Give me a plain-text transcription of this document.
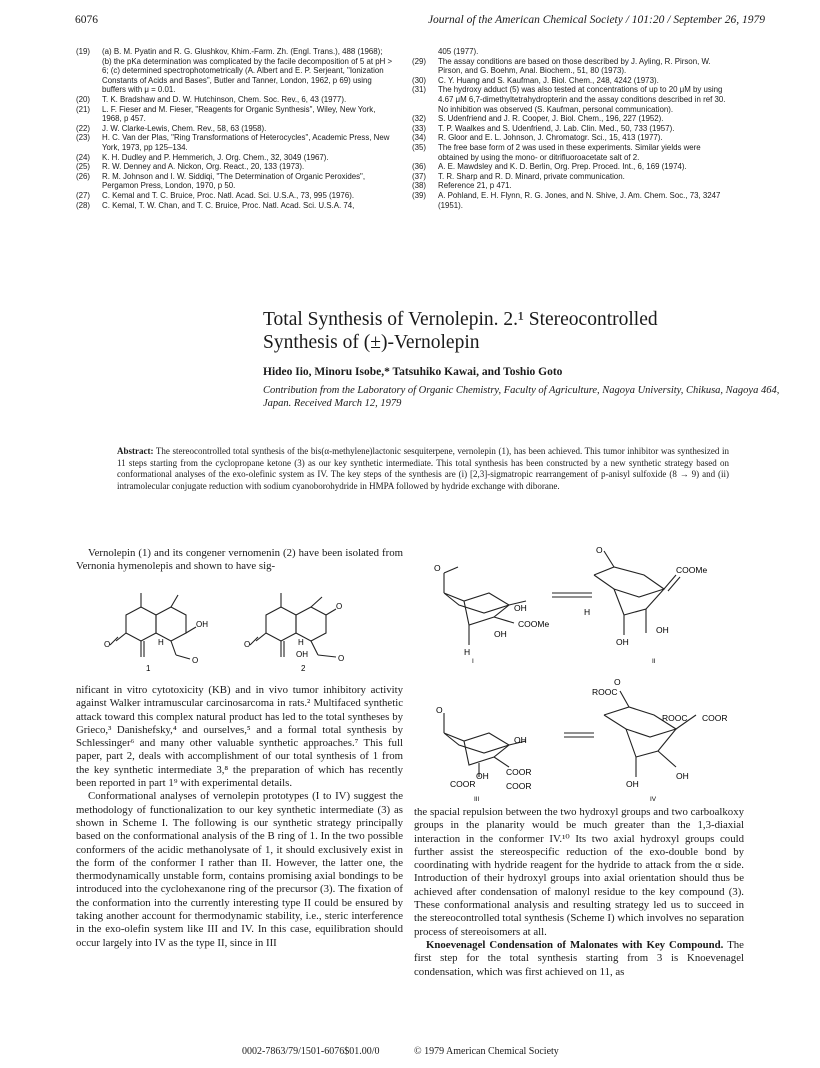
6076	Journal of the American Chemical Society / 101:20 / September 26, 1979

(19) (a) B. M. Pyatin and R. G. Glushkov, Khim.-Farm. Zh. (Engl. Trans.), 488 (1968); (b) the pKa determination was complicated by the facile decomposition of 5 at pH > 6; (c) determined spectrophotometrically (A. Albert and E. P. Serjeant, "Ionization Constants of Acids and Bases", Butler and Tanner, London, 1962, p 69) using buffers with μ = 0.01.

(20) T. K. Bradshaw and D. W. Hutchinson, Chem. Soc. Rev., 6, 43 (1977).

(21) L. F. Fieser and M. Fieser, "Reagents for Organic Synthesis", Wiley, New York, 1968, p 457.

(22) J. W. Clarke-Lewis, Chem. Rev., 58, 63 (1958).

(23) H. C. Van der Plas, "Ring Transformations of Heterocycles", Academic Press, New York, 1973, pp 125–134.

(24) K. H. Dudley and P. Hemmerich, J. Org. Chem., 32, 3049 (1967).

(25) R. W. Denney and A. Nickon, Org. React., 20, 133 (1973).

(26) R. M. Johnson and I. W. Siddiqi, "The Determination of Organic Peroxides", Pergamon Press, London, 1970, p 50.

(27) C. Kemal and T. C. Bruice, Proc. Natl. Acad. Sci. U.S.A., 73, 995 (1976).

(28) C. Kemal, T. W. Chan, and T. C. Bruice, Proc. Natl. Acad. Sci. U.S.A. 74,

405 (1977).

(29) The assay conditions are based on those described by J. Ayling, R. Pirson, W. Pirson, and G. Boehm, Anal. Biochem., 51, 80 (1973).

(30) C. Y. Huang and S. Kaufman, J. Biol. Chem., 248, 4242 (1973).

(31) The hydroxy adduct (5) was also tested at concentrations of up to 20 μM by using 4.67 μM 6,7-dimethyltetrahydropterin and the assay conditions described in ref 30. No inhibition was observed (S. Kaufman, personal communication).

(32) S. Udenfriend and J. R. Cooper, J. Biol. Chem., 196, 227 (1952).

(33) T. P. Waalkes and S. Udenfriend, J. Lab. Clin. Med., 50, 733 (1957).

(34) R. Gloor and E. L. Johnson, J. Chromatogr. Sci., 15, 413 (1977).

(35) The free base form of 2 was used in these experiments. Similar yields were obtained by using the mono- or ditrifluoroacetate salt of 2.

(36) A. E. Mawdsley and K. D. Berlin, Org. Prep. Proced. Int., 6, 169 (1974).

(37) T. R. Sharp and R. D. Minard, private communication.

(38) Reference 21, p 471.

(39) A. Pohland, E. H. Flynn, R. G. Jones, and N. Shive, J. Am. Chem. Soc., 73, 3247 (1951).

Total Synthesis of Vernolepin. 2.¹ Stereocontrolled
Synthesis of (±)-Vernolepin
Hideo Iio, Minoru Isobe,* Tatsuhiko Kawai, and Toshio Goto
Contribution from the Laboratory of Organic Chemistry, Faculty of Agriculture, Nagoya University, Chikusa, Nagoya 464, Japan. Received March 12, 1979
Abstract: The stereocontrolled total synthesis of the bis(α-methylene)lactonic sesquiterpene, vernolepin (1), has been achieved. This tumor inhibitor was synthesized in 11 steps starting from the cyclopropane ketone (3) as our key synthetic intermediate. This total synthesis has been constructed by a new synthetic strategy based on conformational analyses of the exo-olefinic system as IV. The key steps of the synthesis are (i) [2,3]-sigmatropic rearrangement of p-anisyl sulfoxide (8 → 9) and (ii) intramolecular conjugate reduction with sodium cyanoborohydride in HMPA followed by hydride exchange with diborane.

Vernolepin (1) and its congener vernomenin (2) have been isolated from Vernonia hymenolepis and shown to have sig-

OH
O	H
O
O
O	H
OH	O
1	2

nificant in vitro cytotoxicity (KB) and in vivo tumor inhibitory activity against Walker intramuscular carcinosarcoma in rats.² Multifaced synthetic attack toward this complex natural product has led to the total syntheses by Grieco,³ Danishefsky,⁴ and ourselves,⁵ and a formal total synthesis by Schlessinger⁶ and many other valuable synthetic approaches.⁷ This full paper, part 2, deals with accomplishment of our total synthesis of 1 from the key synthetic intermediate 3,⁸ the preparation of which has recently been reported in part 1⁹ with experimental details.

Conformational analyses of vernolepin prototypes (I to IV) suggest the methodology of functionalization to our key synthetic intermediate (3) as shown in Scheme I. The following is our synthetic strategy principally based on the conformational analysis of the B ring of 1. In the two possible conformers of the acidic methanolysate of 1, it should exclusively exist in the form of the conformer I rather than II. However, the latter one, the thermodynamically unstable form, contains promising axial bondings to be introduced into the cyclohexanone ring of the precursor (3). The fixation of the conformation into the currently interesting type II could be ensured by taking another account for thermodynamic stability, i.e., steric interference in the exo-olefin system like III and IV. In this case, equilibration should occur largely into IV as the type II, since in III

COOMe
OH
COOMe
OH
O
O
H
H
OH
OH
I	II
O
OH
COOR
OH COOR
COOR
ROOC
O
ROOC COOR
OH
OH
III	IV

the spacial repulsion between the two hydroxyl groups and two carboalkoxy groups in the planarity would be much greater than the 1,3-diaxial interaction in the conformer IV.¹⁰ Its two axial hydroxyl groups could further assist the stereospecific reduction of the exo-double bond by coordinating with hydride reagent for the hydride to attack from the α side. Introduction of their hydroxyl groups into axial orientation should thus be achieved after condensation of malonyl residue to the key compound (3). These conformational analysis and resulting strategy led us to succeed in the stereocontrolled total synthesis (Scheme I) which involves no separation process of stereoisomers at all.

Knoevenagel Condensation of Malonates with Key Compound. The first step for the total synthesis starting from 3 is Knoevenagel condensation, which was first achieved on 11, as

0002-7863/79/1501-6076$01.00/0	© 1979 American Chemical Society
